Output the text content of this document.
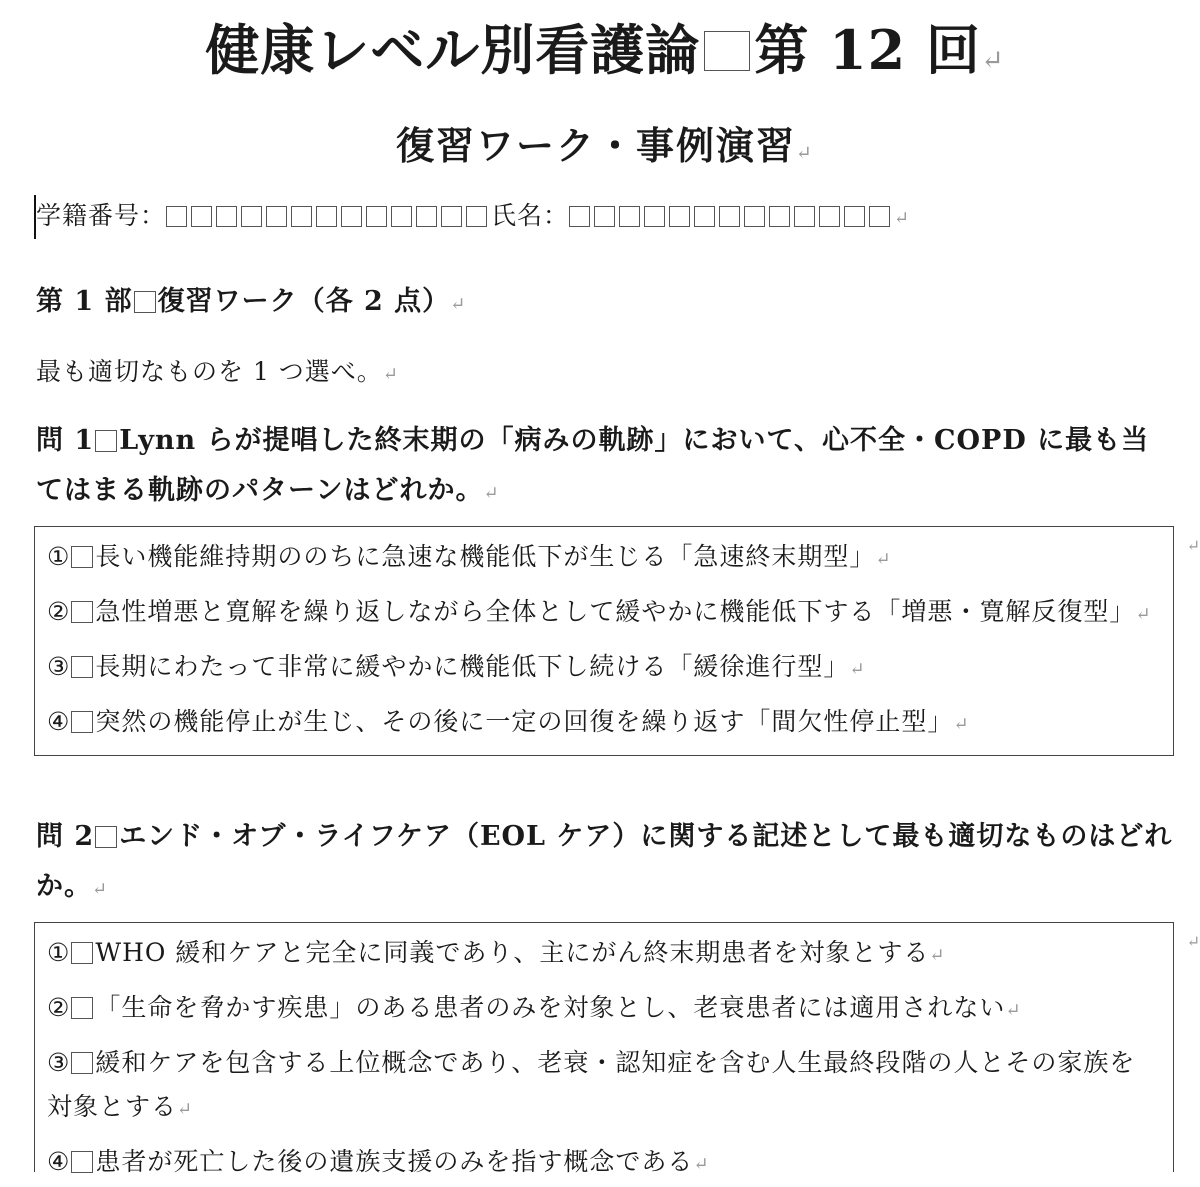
健康レベル別看護論 第 12 回↵
復習ワーク・事例演習↵
学籍番号：	氏名：	↵
第 1 部 復習ワーク（各 2 点）↵
最も適切なものを 1 つ選べ。↵
問 1 Lynn らが提唱した終末期の「病みの軌跡」において、心不全・COPD に最も当てはまる軌跡のパターンはどれか。↵
① 長い機能維持期ののちに急速な機能低下が生じる「急速終末期型」↵
② 急性増悪と寛解を繰り返しながら全体として緩やかに機能低下する「増悪・寛解反復型」↵
③ 長期にわたって非常に緩やかに機能低下し続ける「緩徐進行型」↵
④ 突然の機能停止が生じ、その後に一定の回復を繰り返す「間欠性停止型」↵
問 2 エンド・オブ・ライフケア（EOL ケア）に関する記述として最も適切なものはどれか。↵
① WHO 緩和ケアと完全に同義であり、主にがん終末期患者を対象とする↵
② 「生命を脅かす疾患」のある患者のみを対象とし、老衰患者には適用されない↵
③ 緩和ケアを包含する上位概念であり、老衰・認知症を含む人生最終段階の人とその家族を対象とする↵
④ 患者が死亡した後の遺族支援のみを指す概念である↵
↵
↵
